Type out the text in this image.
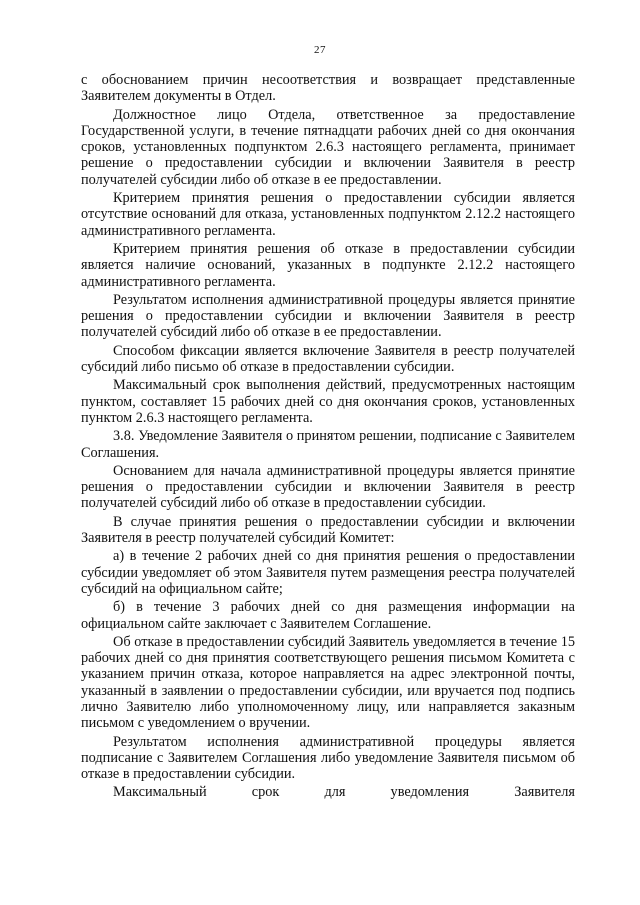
27

с обоснованием причин несоответствия и возвращает представленные Заявителем документы в Отдел.

Должностное лицо Отдела, ответственное за предоставление Государственной услуги, в течение пятнадцати рабочих дней со дня окончания сроков, установленных подпунктом 2.6.3 настоящего регламента, принимает решение о предоставлении субсидии и включении Заявителя в реестр получателей субсидии либо об отказе в ее предоставлении.

Критерием принятия решения о предоставлении субсидии является отсутствие оснований для отказа, установленных подпунктом 2.12.2 настоящего административного регламента.

Критерием принятия решения об отказе в предоставлении субсидии является наличие оснований, указанных в подпункте 2.12.2 настоящего административного регламента.

Результатом исполнения административной процедуры является принятие решения о предоставлении субсидии и включении Заявителя в реестр получателей субсидий либо об отказе в ее предоставлении.

Способом фиксации является включение Заявителя в реестр получателей субсидий либо письмо об отказе в предоставлении субсидии.

Максимальный срок выполнения действий, предусмотренных настоящим пунктом, составляет 15 рабочих дней со дня окончания сроков, установленных пунктом 2.6.3 настоящего регламента.

3.8. Уведомление Заявителя о принятом решении, подписание с Заявителем Соглашения.

Основанием для начала административной процедуры является принятие решения о предоставлении субсидии и включении Заявителя в реестр получателей субсидий либо об отказе в предоставлении субсидии.

В случае принятия решения о предоставлении субсидии и включении Заявителя в реестр получателей субсидий Комитет:

а) в течение 2 рабочих дней со дня принятия решения о предоставлении субсидии уведомляет об этом Заявителя путем размещения реестра получателей субсидий на официальном сайте;

б) в течение 3 рабочих дней со дня размещения информации на официальном сайте заключает с Заявителем Соглашение.

Об отказе в предоставлении субсидий Заявитель уведомляется в течение 15 рабочих дней со дня принятия соответствующего решения письмом Комитета с указанием причин отказа, которое направляется на адрес электронной почты, указанный в заявлении о предоставлении субсидии, или вручается под подпись лично Заявителю либо уполномоченному лицу, или направляется заказным письмом с уведомлением о вручении.

Результатом исполнения административной процедуры является подписание с Заявителем Соглашения либо уведомление Заявителя письмом об отказе в предоставлении субсидии.

Максимальный срок для уведомления Заявителя
